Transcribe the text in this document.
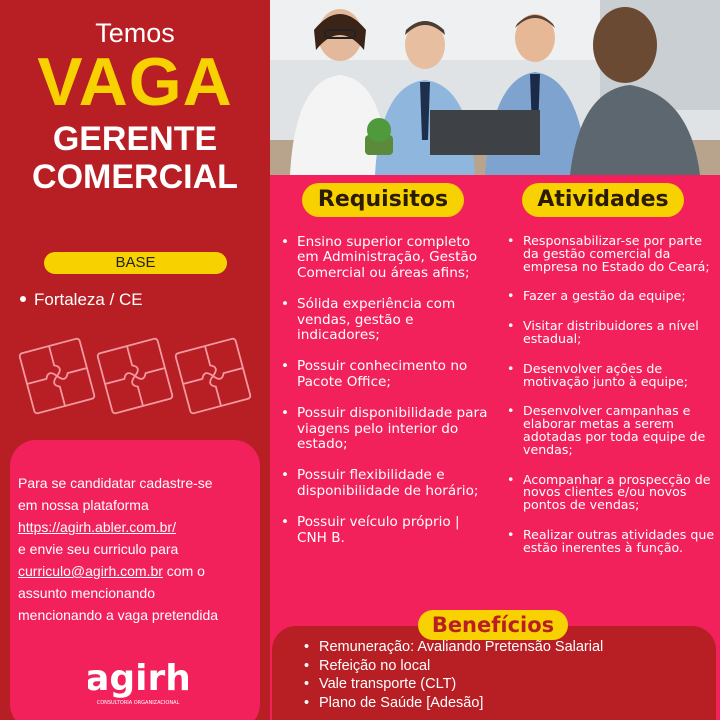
Temos
VAGA
GERENTE
COMERCIAL
BASE
Fortaleza / CE
Para se candidatar cadastre-se
em nossa plataforma
https://agirh.abler.com.br/
e envie seu curriculo para
curriculo@agirh.com.br com o
assunto mencionando
mencionando a vaga pretendida
agirh
CONSULTORIA ORGANIZACIONAL
Requisitos	Atividades
• Ensino superior completo em Administração, Gestão Comercial ou áreas afins;
• Sólida experiência com vendas, gestão e indicadores;
• Possuir conhecimento no Pacote Office;
• Possuir disponibilidade para viagens pelo interior do estado;
• Possuir flexibilidade e disponibilidade de horário;
• Possuir veículo próprio | CNH B.
• Responsabilizar-se por parte da gestão comercial da empresa no Estado do Ceará;
• Fazer a gestão da equipe;
• Visitar distribuidores a nível estadual;
• Desenvolver ações de motivação junto à equipe;
• Desenvolver campanhas e elaborar metas a serem adotadas por toda equipe de vendas;
• Acompanhar a prospecção de novos clientes e/ou novos pontos de vendas;
• Realizar outras atividades que estão inerentes à função.
Benefícios
• Remuneração: Avaliando Pretensão Salarial
• Refeição no local
• Vale transporte (CLT)
• Plano de Saúde [Adesão]
